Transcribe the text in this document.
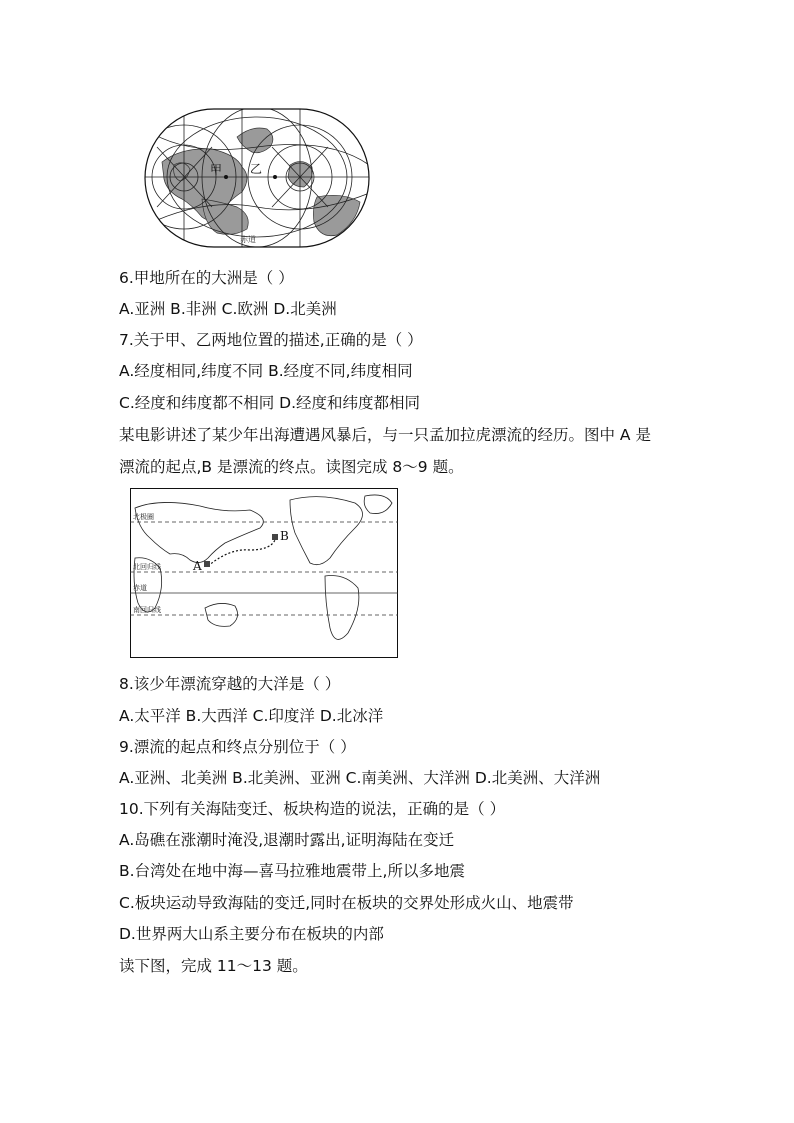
甲 乙
赤道
6.甲地所在的大洲是（ ）
A.亚洲 B.非洲 C.欧洲 D.北美洲
7.关于甲、乙两地位置的描述,正确的是（ ）
A.经度相同,纬度不同 B.经度不同,纬度相同
C.经度和纬度都不相同 D.经度和纬度都相同
某电影讲述了某少年出海遭遇风暴后，与一只孟加拉虎漂流的经历。图中 A 是
漂流的起点,B 是漂流的终点。读图完成 8～9 题。
北极圈
北回归线
赤道
南回归线
A
B
8.该少年漂流穿越的大洋是（ ）
A.太平洋 B.大西洋 C.印度洋 D.北冰洋
9.漂流的起点和终点分别位于（ ）
A.亚洲、北美洲 B.北美洲、亚洲 C.南美洲、大洋洲 D.北美洲、大洋洲
10.下列有关海陆变迁、板块构造的说法，正确的是（ ）
A.岛礁在涨潮时淹没,退潮时露出,证明海陆在变迁
B.台湾处在地中海—喜马拉雅地震带上,所以多地震
C.板块运动导致海陆的变迁,同时在板块的交界处形成火山、地震带
D.世界两大山系主要分布在板块的内部
读下图，完成 11～13 题。
